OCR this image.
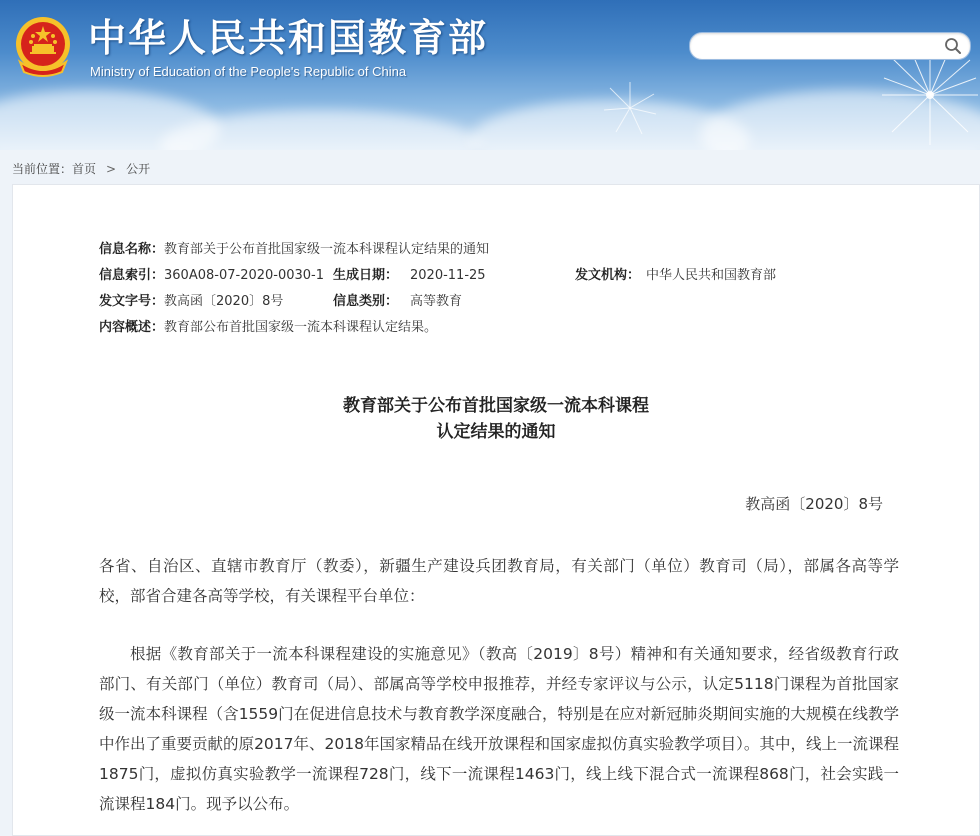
中华人民共和国教育部
Ministry of Education of the People's Republic of China
当前位置：首页 > 公开
信息名称：教育部关于公布首批国家级一流本科课程认定结果的通知
信息索引：360A08-07-2020-0030-1 生成日期： 2020-11-25	发文机构： 中华人民共和国教育部
发文字号：教高函〔2020〕8号	信息类别： 高等教育
内容概述：教育部公布首批国家级一流本科课程认定结果。
教育部关于公布首批国家级一流本科课程
认定结果的通知
教高函〔2020〕8号

各省、自治区、直辖市教育厅（教委），新疆生产建设兵团教育局，有关部门（单位）教育司（局），部属各高等学校，部省合建各高等学校，有关课程平台单位：

根据《教育部关于一流本科课程建设的实施意见》（教高〔2019〕8号）精神和有关通知要求，经省级教育行政部门、有关部门（单位）教育司（局）、部属高等学校申报推荐，并经专家评议与公示，认定5118门课程为首批国家级一流本科课程（含1559门在促进信息技术与教育教学深度融合，特别是在应对新冠肺炎期间实施的大规模在线教学中作出了重要贡献的原2017年、2018年国家精品在线开放课程和国家虚拟仿真实验教学项目）。其中，线上一流课程1875门，虚拟仿真实验教学一流课程728门，线下一流课程1463门，线上线下混合式一流课程868门，社会实践一流课程184门。现予以公布。
